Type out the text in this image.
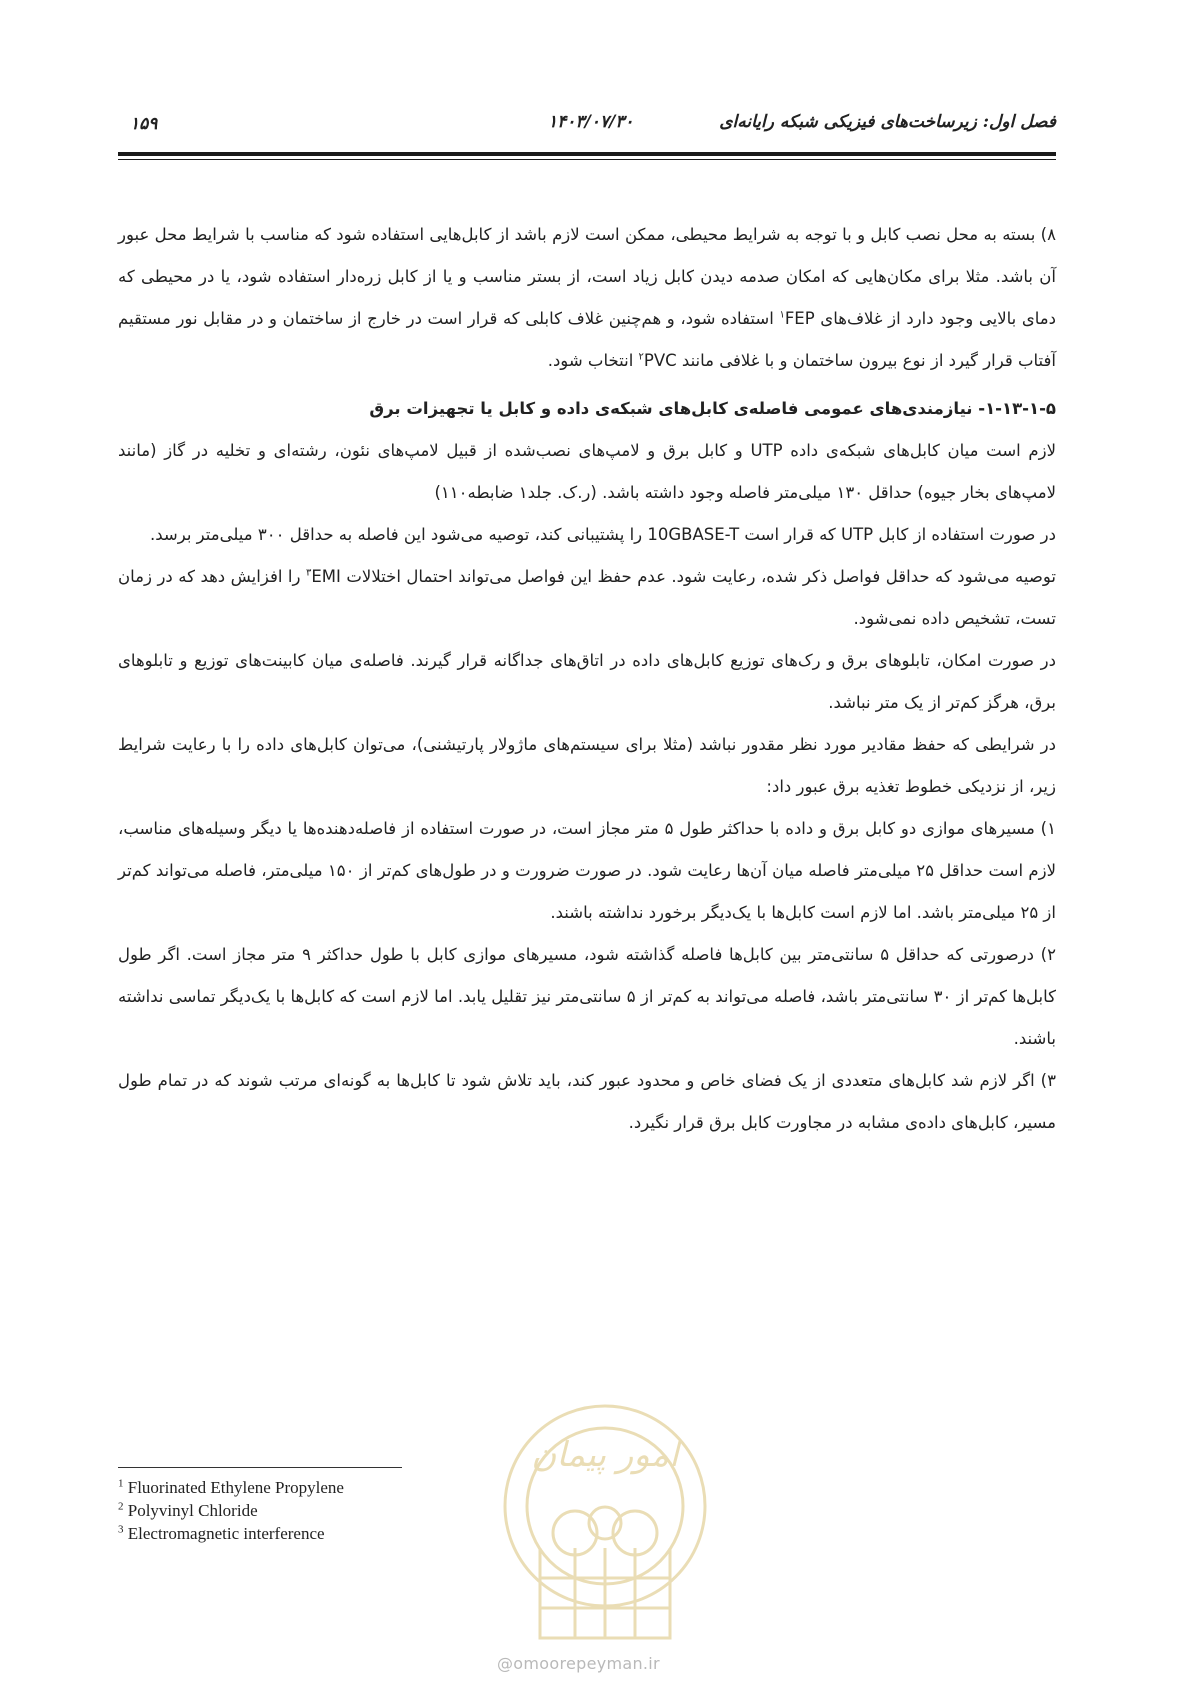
فصل اول: زیرساخت‌های فیزیکی شبکه رایانه‌ای
۱۴۰۳/۰۷/۳۰
۱۵۹

۸) بسته به محل نصب کابل و با توجه به شرایط محیطی، ممکن است لازم باشد از کابل‌هایی استفاده شود که مناسب با شرایط محل عبور آن باشد. مثلا برای مکان‌هایی که امکان صدمه دیدن کابل زیاد است، از بستر مناسب و یا از کابل زره‌دار استفاده شود، یا در محیطی که دمای بالایی وجود دارد از غلاف‌های FEP$^۱$ استفاده شود، و هم‌چنین غلاف کابلی که قرار است در خارج از ساختمان و در مقابل نور مستقیم آفتاب قرار گیرد از نوع بیرون ساختمان و با غلافی مانند PVC$^۲$ انتخاب شود.

۱-۱۳-۱-۵- نیازمندی‌های عمومی فاصله‌ی کابل‌های شبکه‌ی داده و کابل یا تجهیزات برق

لازم است میان کابل‌های شبکه‌ی داده UTP و کابل برق و لامپ‌های نصب‌شده از قبیل لامپ‌های نئون، رشته‌ای و تخلیه در گاز (مانند لامپ‌های بخار جیوه) حداقل ۱۳۰ میلی‌متر فاصله وجود داشته باشد. (ر.ک. جلد۱ ضابطه۱۱۰)

در صورت استفاده از کابل UTP که قرار است 10GBASE-T را پشتیبانی کند، توصیه می‌شود این فاصله به حداقل ۳۰۰ میلی‌متر برسد.

توصیه می‌شود که حداقل فواصل ذکر شده، رعایت شود. عدم حفظ این فواصل می‌تواند احتمال اختلالات EMI$^۳$ را افزایش دهد که در زمان تست، تشخیص داده نمی‌شود.

در صورت امکان، تابلوهای برق و رک‌های توزیع کابل‌های داده در اتاق‌های جداگانه قرار گیرند. فاصله‌ی میان کابینت‌های توزیع و تابلوهای برق، هرگز کم‌تر از یک متر نباشد.

در شرایطی که حفظ مقادیر مورد نظر مقدور نباشد (مثلا برای سیستم‌های ماژولار پارتیشنی)، می‌توان کابل‌های داده را با رعایت شرایط زیر، از نزدیکی خطوط تغذیه برق عبور داد:

۱) مسیرهای موازی دو کابل برق و داده با حداکثر طول ۵ متر مجاز است، در صورت استفاده از فاصله‌دهنده‌ها یا دیگر وسیله‌های مناسب، لازم است حداقل ۲۵ میلی‌متر فاصله میان آن‌ها رعایت شود. در صورت ضرورت و در طول‌های کم‌تر از ۱۵۰ میلی‌متر، فاصله می‌تواند کم‌تر از ۲۵ میلی‌متر باشد. اما لازم است کابل‌ها با یک‌دیگر برخورد نداشته باشند.

۲) درصورتی که حداقل ۵ سانتی‌متر بین کابل‌ها فاصله گذاشته شود، مسیرهای موازی کابل با طول حداکثر ۹ متر مجاز است. اگر طول کابل‌ها کم‌تر از ۳۰ سانتی‌متر باشد، فاصله می‌تواند به کم‌تر از ۵ سانتی‌متر نیز تقلیل یابد. اما لازم است که کابل‌ها با یک‌دیگر تماسی نداشته باشند.

۳) اگر لازم شد کابل‌های متعددی از یک فضای خاص و محدود عبور کند، باید تلاش شود تا کابل‌ها به گونه‌ای مرتب شوند که در تمام طول مسیر، کابل‌های داده‌ی مشابه در مجاورت کابل برق قرار نگیرد.

$^1$ Fluorinated Ethylene Propylene
$^2$ Polyvinyl Chloride
$^3$ Electromagnetic interference
امور پیمان
@omoorepeyman.ir
